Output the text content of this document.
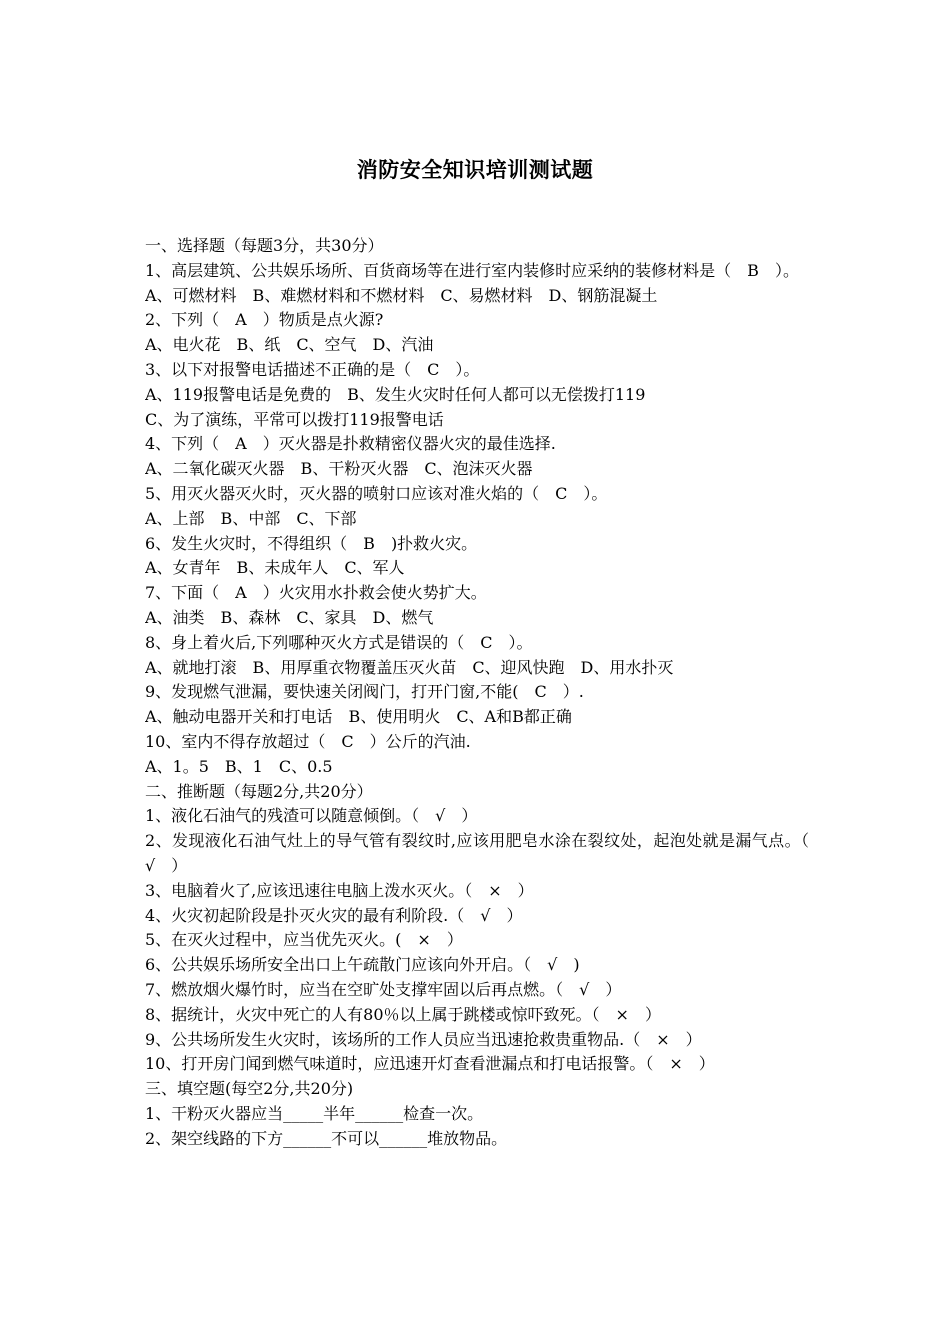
消防安全知识培训测试题
一、选择题（每题3分，共30分）
1、高层建筑、公共娱乐场所、百货商场等在进行室内装修时应采纳的装修材料是（　B　）。
A、可燃材料　B、难燃材料和不燃材料　C、易燃材料　D、钢筋混凝土
2、下列（　A　）物质是点火源?
A、电火花　B、纸　C、空气　D、汽油
3、以下对报警电话描述不正确的是（　C　）。
A、119报警电话是免费的　B、发生火灾时任何人都可以无偿拨打119
C、为了演练，平常可以拨打119报警电话
4、下列（　A　）灭火器是扑救精密仪器火灾的最佳选择.
A、二氧化碳灭火器　B、干粉灭火器　C、泡沫灭火器
5、用灭火器灭火时，灭火器的喷射口应该对准火焰的（　C　）。
A、上部　B、中部　C、下部
6、发生火灾时，不得组织（　B　)扑救火灾。
A、女青年　B、未成年人　C、军人
7、下面（　A　）火灾用水扑救会使火势扩大。
A、油类　B、森林　C、家具　D、燃气
8、身上着火后,下列哪种灭火方式是错误的（　C　）。
A、就地打滚　B、用厚重衣物覆盖压灭火苗　C、迎风快跑　D、用水扑灭
9、发现燃气泄漏，要快速关闭阀门，打开门窗,不能(　C　）.
A、触动电器开关和打电话　B、使用明火　C、A和B都正确
10、室内不得存放超过（　C　）公斤的汽油.
A、1。5　B、1　C、0.5
二、推断题（每题2分,共20分）
1、液化石油气的残渣可以随意倾倒。（　√　）
2、发现液化石油气灶上的导气管有裂纹时,应该用肥皂水涂在裂纹处，起泡处就是漏气点。（　√　）
3、电脑着火了,应该迅速往电脑上泼水灭火。（　×　）
4、火灾初起阶段是扑灭火灾的最有利阶段.（　√　）
5、在灭火过程中，应当优先灭火。(　×　）
6、公共娱乐场所安全出口上午疏散门应该向外开启。（　√　)
7、燃放烟火爆竹时，应当在空旷处支撑牢固以后再点燃。（　√　）
8、据统计，火灾中死亡的人有80％以上属于跳楼或惊吓致死。（　×　）
9、公共场所发生火灾时，该场所的工作人员应当迅速抢救贵重物品.（　×　）
10、打开房门闻到燃气味道时，应迅速开灯查看泄漏点和打电话报警。（　×　）
三、填空题(每空2分,共20分)
1、干粉灭火器应当_____半年______检查一次。
2、架空线路的下方______不可以______堆放物品。
